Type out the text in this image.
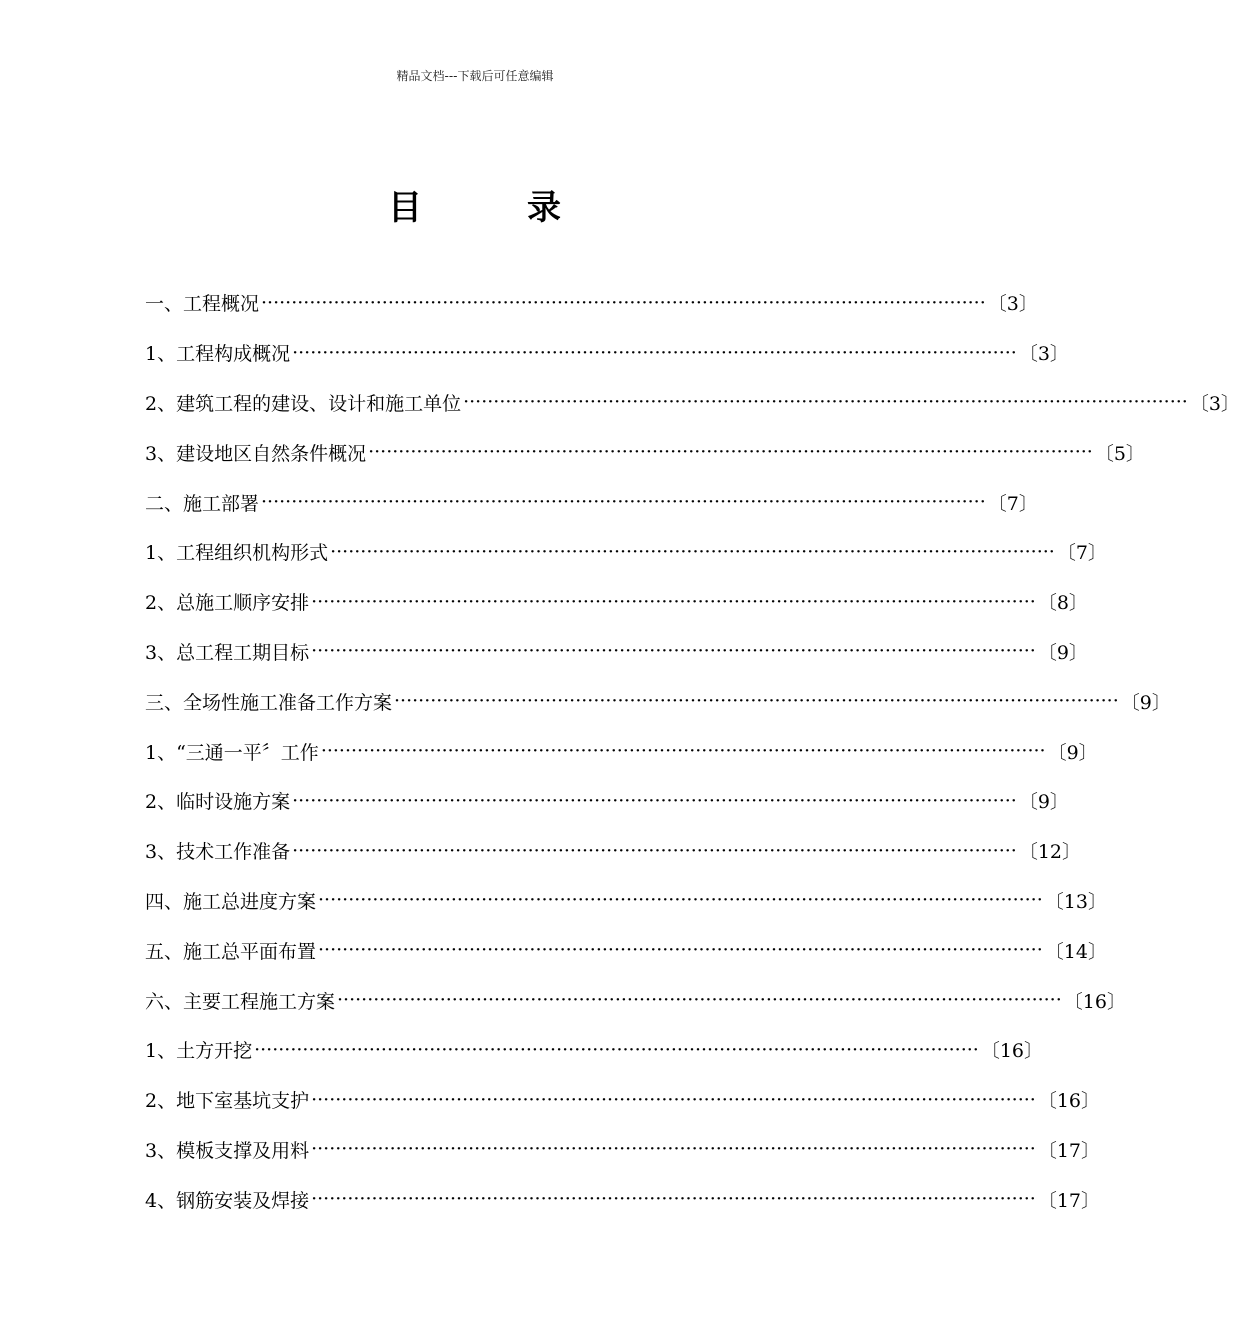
精品文档---下载后可任意编辑
目	录
一、工程概况 ························································································································ 〔3〕
1、工程构成概况 ························································································································ 〔3〕
2、建筑工程的建设、设计和施工单位 ························································································································ 〔3〕
3、建设地区自然条件概况 ························································································································ 〔5〕
二、施工部署 ························································································································ 〔7〕
1、工程组织机构形式 ························································································································ 〔7〕
2、总施工顺序安排 ························································································································ 〔8〕
3、总工程工期目标 ························································································································ 〔9〕
三、全场性施工准备工作方案 ························································································································ 〔9〕
1、“三通一平〞工作 ························································································································ 〔9〕
2、临时设施方案 ························································································································ 〔9〕
3、技术工作准备 ························································································································ 〔12〕
四、施工总进度方案 ························································································································ 〔13〕
五、施工总平面布置 ························································································································ 〔14〕
六、主要工程施工方案 ························································································································ 〔16〕
1、土方开挖 ························································································································ 〔16〕
2、地下室基坑支护 ························································································································ 〔16〕
3、模板支撑及用料 ························································································································ 〔17〕
4、钢筋安装及焊接 ························································································································ 〔17〕
